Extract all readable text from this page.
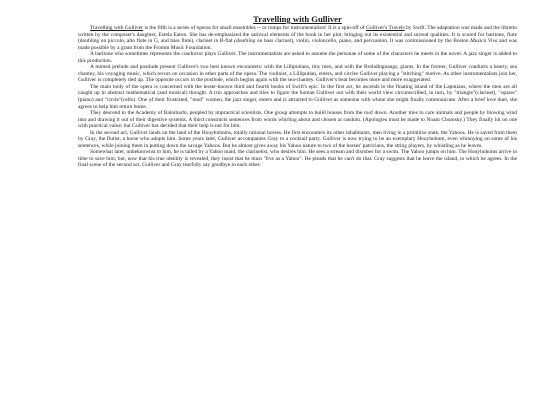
Travelling with Gulliver

Travelling with Gulliver is the fifth is a series of operas for small ensembles -- or romps for instrumentalists! It is a spin-off of Gulliver's Travels by Swift. The adaptation was made and the libretto written by the composer's daughter, Estela Eaton. She has de-emphasized the satirical elements of the book in her plot, bringing out its existential and surreal qualities. It is scored for baritone, flute (doubling on piccolo, alto flute in G, and bass flute), clarinet in B-flat (doubling on bass clarinet), violin, violoncello, piano, and percussion. It was commissioned by the Boston Musica Viva and was made possible by a grant from the Fromm Music Foundation.

A baritone who sometimes represents the conductor plays Gulliver. The instrumentalists are asked to assume the personae of some of the characters he meets in the novel. A jazz singer is added to this production.

A mimed prelude and postlude present Gulliver's two best known encounters: with the Lilliputians, tiny men, and with the Brobdingnangs, giants. In the former, Gulliver conducts a hearty, sea chantey, his voyaging music, which recurs on occasion in other parts of the opera. The violinist, a Lilliputian, enters, and circles Gulliver playing a "stitching" motive. As other instrumentalists join her, Gulliver is completely tied up. The opposite occurs in the postlude, which begins again with the sea-chantey. Gulliver's beat becomes more and more exaggerated.

The main body of the opera is concerned with the lesser-known third and fourth books of Swift's epic. In the first act, he ascends to the floating island of the Laputians, where the men are all caught up in abstract mathematical (and musical) thought. A trio approaches and tries to figure the human Gulliver out with their world view circumscribed, in turn, by "triangle"(clarinet), "square"(piano) and "circle"(cello). One of their frustrated, "mod" women, the jazz singer, enters and is attracted to Gulliver as someone with whom she might finally communicate. After a brief love duet, she agrees to help him return home.

They descend to the Academy of Balnibarbi, peopled by impractical scientists. One group attempts to build houses from the roof down. Another tries to cure animals and people by blowing wind into and drawing it out of their digestive systems. A third constructs sentences from words whirling about and chosen at random. (Apologies must be made to Noam Chomsky.) They finally hit on one with practical value; but Gulliver has decided that their help is not for him.

In the second act, Gulliver lands on the land of the Houyhnhnms, totally rational horses. He first encounters its other inhabitants, men living in a primitive state, the Yahoos. He is saved from them by Gray, the flutist, a horse who adopts him. Some years later, Gulliver accompanies Gray to a cocktail party. Gulliver is now trying to be an exemplary Houyhnhnm, even whinnying on some of his sentences, while joining them in putting down the savage Yahoos. But he almost gives away his Yahoo nature to two of the horses' patricians, the string players, by whistling as he leaves.

Somewhat later, unbeknownst to him, he is tailed by a Yahoo maid, the clarinetist, who desires him. He sees a stream and disrobes for a swim. The Yahoo jumps on him. The Houyhnhnms arrive in time to save him; but, now that his true identity is revealed, they insist that he must "live as a Yahoo". He pleads that he can't do that. Gray suggests that he leave the island, to which he agrees. In the final scene of the second act, Gulliver and Gray tearfully say goodbye to each other.
